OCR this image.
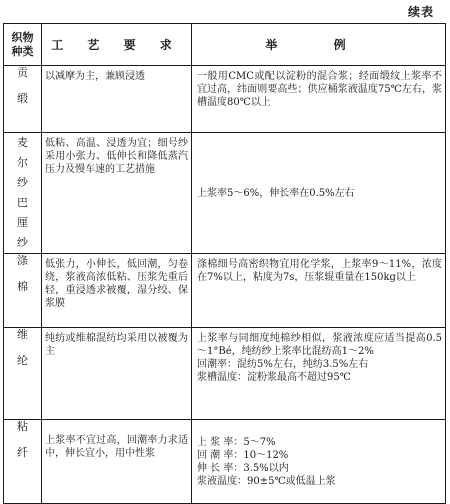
续表
织物
种类	工 艺 要 求	举 例
贡

缎	以减摩为主，兼顾浸透	一般用CMC或配以淀粉的混合浆；经面缎纹上浆率不宜过高，纬面则要高些；供应桶浆液温度75℃左右，浆槽温度80℃以上
麦尔纱巴厘纱	低粘、高温、浸透为宜；细号纱采用小张力、低伸长和降低蒸汽压力及慢车速的工艺措施	上浆率5～6%，伸长率在0.5%左右
涤

棉	低张力，小伸长，低回潮，匀卷绕，浆液高浓低粘、压浆先重后轻，重浸透求被覆，湿分绞、保浆膜	涤棉细号高密织物宜用化学浆，上浆率9～11%，浓度在7%以上，粘度为7s，压浆辊重量在150kg以上
维

纶	纯纺或维棉混纺均采用以被覆为主	上浆率与同细度纯棉纱相似，浆液浓度应适当提高0.5～1°Bé，纯纺纱上浆率比混纺高1～2%
回潮率：混纺5%左右，纯纺3.5%左右
浆槽温度：淀粉浆最高不超过95℃
粘

纤	上浆率不宜过高，回潮率力求适中，伸长宜小，用中性浆	上 浆 率：5～7%
回 潮 率：10～12%
伸 长 率：3.5%以内
浆液温度：90±5℃或低温上浆
